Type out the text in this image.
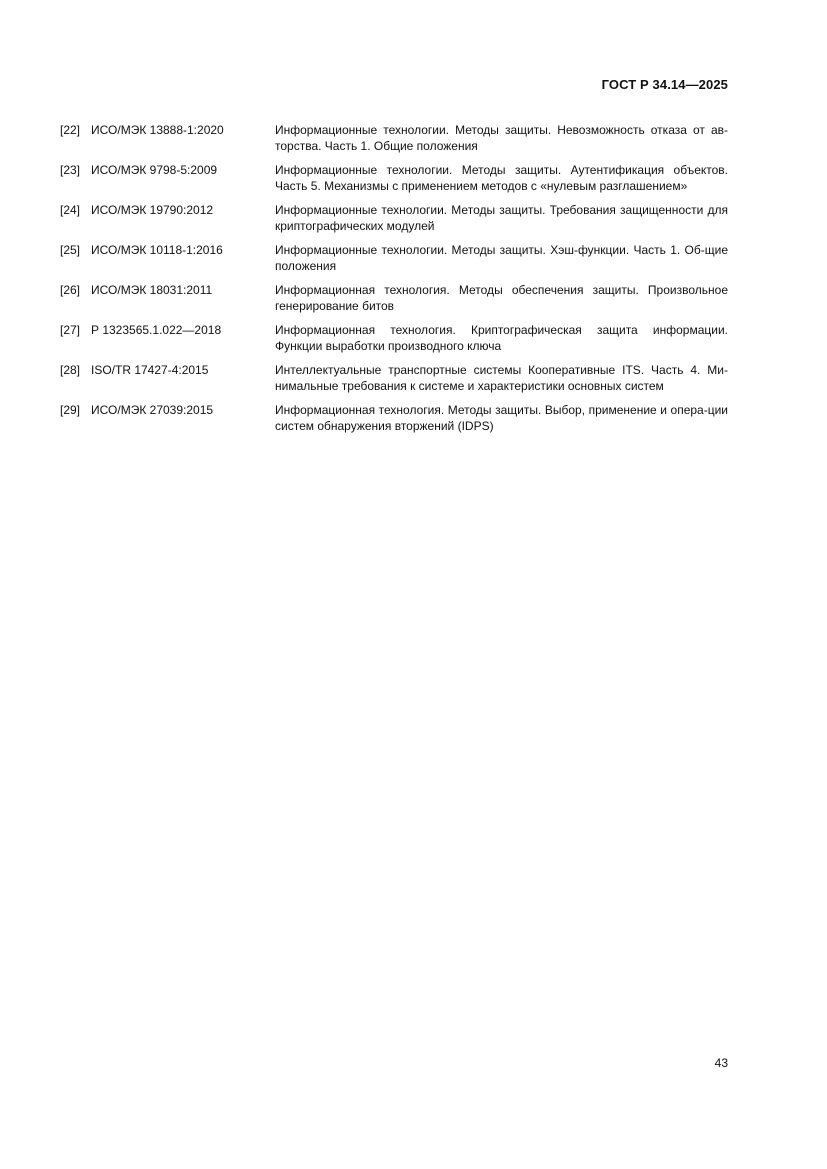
ГОСТ Р 34.14—2025
[22] ИСО/МЭК 13888-1:2020	Информационные технологии. Методы защиты. Невозможность отказа от ав-торства. Часть 1. Общие положения
[23] ИСО/МЭК 9798-5:2009	Информационные технологии. Методы защиты. Аутентификация объектов. Часть 5. Механизмы с применением методов с «нулевым разглашением»
[24] ИСО/МЭК 19790:2012	Информационные технологии. Методы защиты. Требования защищенности для криптографических модулей
[25] ИСО/МЭК 10118-1:2016	Информационные технологии. Методы защиты. Хэш-функции. Часть 1. Об-щие положения
[26] ИСО/МЭК 18031:2011	Информационная технология. Методы обеспечения защиты. Произвольное генерирование битов
[27] Р 1323565.1.022—2018	Информационная технология. Криптографическая защита информации. Функции выработки производного ключа
[28] ISO/TR 17427-4:2015	Интеллектуальные транспортные системы Кооперативные ITS. Часть 4. Ми-нимальные требования к системе и характеристики основных систем
[29] ИСО/МЭК 27039:2015	Информационная технология. Методы защиты. Выбор, применение и опера-ции систем обнаружения вторжений (IDPS)
43
